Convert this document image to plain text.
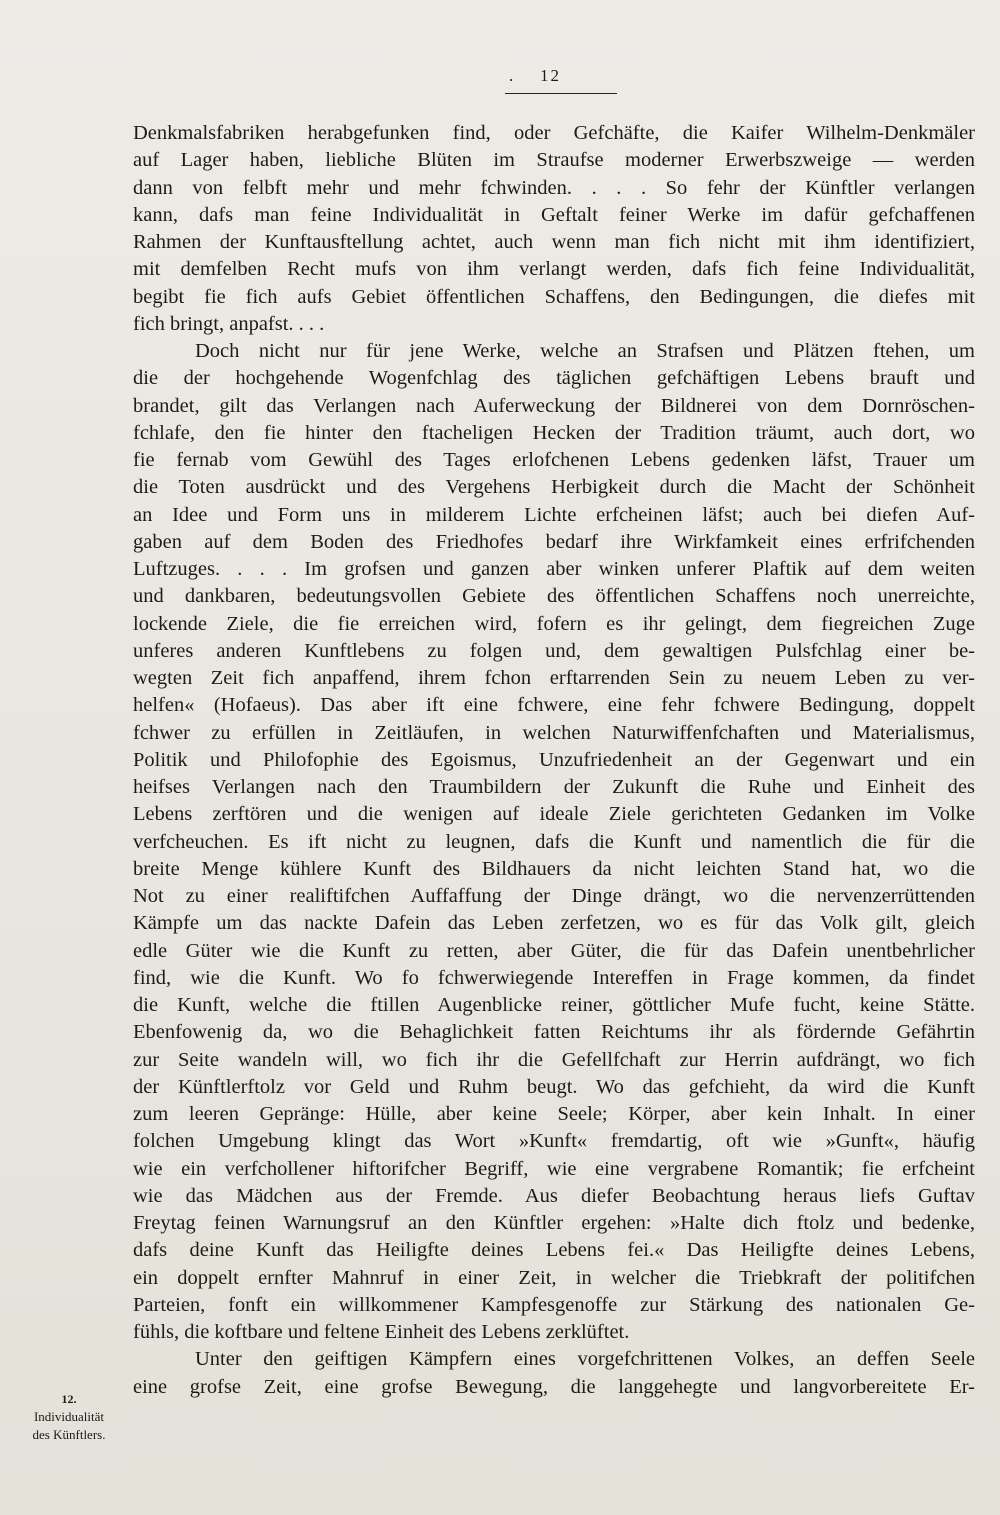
. 12
Denkmalsfabriken herabgefunken find, oder Gefchäfte, die Kaifer Wilhelm-Denkmäler
auf Lager haben, liebliche Blüten im Straufse moderner Erwerbszweige — werden
dann von felbft mehr und mehr fchwinden. . . . So fehr der Künftler verlangen
kann, dafs man feine Individualität in Geftalt feiner Werke im dafür gefchaffenen
Rahmen der Kunftausftellung achtet, auch wenn man fich nicht mit ihm identifiziert,
mit demfelben Recht mufs von ihm verlangt werden, dafs fich feine Individualität,
begibt fie fich aufs Gebiet öffentlichen Schaffens, den Bedingungen, die diefes mit
fich bringt, anpafst. . . .
Doch nicht nur für jene Werke, welche an Strafsen und Plätzen ftehen, um
die der hochgehende Wogenfchlag des täglichen gefchäftigen Lebens brauft und
brandet, gilt das Verlangen nach Auferweckung der Bildnerei von dem Dornröschen-
fchlafe, den fie hinter den ftacheligen Hecken der Tradition träumt, auch dort, wo
fie fernab vom Gewühl des Tages erlofchenen Lebens gedenken läfst, Trauer um
die Toten ausdrückt und des Vergehens Herbigkeit durch die Macht der Schönheit
an Idee und Form uns in milderem Lichte erfcheinen läfst; auch bei diefen Auf-
gaben auf dem Boden des Friedhofes bedarf ihre Wirkfamkeit eines erfrifchenden
Luftzuges. . . . Im grofsen und ganzen aber winken unferer Plaftik auf dem weiten
und dankbaren, bedeutungsvollen Gebiete des öffentlichen Schaffens noch unerreichte,
lockende Ziele, die fie erreichen wird, fofern es ihr gelingt, dem fiegreichen Zuge
unferes anderen Kunftlebens zu folgen und, dem gewaltigen Pulsfchlag einer be-
wegten Zeit fich anpaffend, ihrem fchon erftarrenden Sein zu neuem Leben zu ver-
helfen« (Hofaeus). Das aber ift eine fchwere, eine fehr fchwere Bedingung, doppelt
fchwer zu erfüllen in Zeitläufen, in welchen Naturwiffenfchaften und Materialismus,
Politik und Philofophie des Egoismus, Unzufriedenheit an der Gegenwart und ein
heifses Verlangen nach den Traumbildern der Zukunft die Ruhe und Einheit des
Lebens zerftören und die wenigen auf ideale Ziele gerichteten Gedanken im Volke
verfcheuchen. Es ift nicht zu leugnen, dafs die Kunft und namentlich die für die
breite Menge kühlere Kunft des Bildhauers da nicht leichten Stand hat, wo die
Not zu einer realiftifchen Auffaffung der Dinge drängt, wo die nervenzerrüttenden
Kämpfe um das nackte Dafein das Leben zerfetzen, wo es für das Volk gilt, gleich
edle Güter wie die Kunft zu retten, aber Güter, die für das Dafein unentbehrlicher
find, wie die Kunft. Wo fo fchwerwiegende Intereffen in Frage kommen, da findet
die Kunft, welche die ftillen Augenblicke reiner, göttlicher Mufe fucht, keine Stätte.
Ebenfowenig da, wo die Behaglichkeit fatten Reichtums ihr als fördernde Gefährtin
zur Seite wandeln will, wo fich ihr die Gefellfchaft zur Herrin aufdrängt, wo fich
der Künftlerftolz vor Geld und Ruhm beugt. Wo das gefchieht, da wird die Kunft
zum leeren Gepränge: Hülle, aber keine Seele; Körper, aber kein Inhalt. In einer
folchen Umgebung klingt das Wort »Kunft« fremdartig, oft wie »Gunft«, häufig
wie ein verfchollener hiftorifcher Begriff, wie eine vergrabene Romantik; fie erfcheint
wie das Mädchen aus der Fremde. Aus diefer Beobachtung heraus liefs Guftav
Freytag feinen Warnungsruf an den Künftler ergehen: »Halte dich ftolz und bedenke,
dafs deine Kunft das Heiligfte deines Lebens fei.« Das Heiligfte deines Lebens,
ein doppelt ernfter Mahnruf in einer Zeit, in welcher die Triebkraft der politifchen
Parteien, fonft ein willkommener Kampfesgenoffe zur Stärkung des nationalen Ge-
fühls, die koftbare und feltene Einheit des Lebens zerklüftet.
Unter den geiftigen Kämpfern eines vorgefchrittenen Volkes, an deffen Seele
eine grofse Zeit, eine grofse Bewegung, die langgehegte und langvorbereitete Er-
12.
Individualität
des Künftlers.
